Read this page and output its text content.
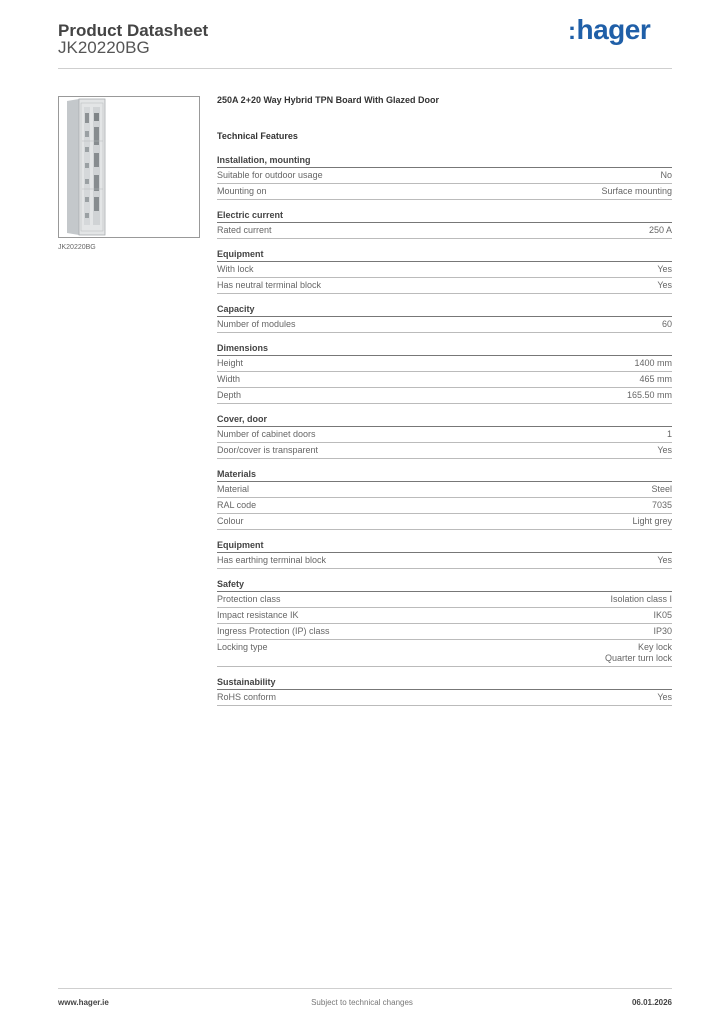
Product Datasheet
JK20220BG
:hager
JK20220BG
250A 2+20 Way Hybrid TPN Board With Glazed Door
Technical Features
Installation, mounting
Suitable for outdoor usage	No
Mounting on	Surface mounting
Electric current
Rated current	250 A
Equipment
With lock	Yes
Has neutral terminal block	Yes
Capacity
Number of modules	60
Dimensions
Height	1400 mm
Width	465 mm
Depth	165.50 mm
Cover, door
Number of cabinet doors	1
Door/cover is transparent	Yes
Materials
Material	Steel
RAL code	7035
Colour	Light grey
Equipment
Has earthing terminal block	Yes
Safety
Protection class	Isolation class I
Impact resistance IK	IK05
Ingress Protection (IP) class	IP30
Locking type	Key lock
Quarter turn lock
Sustainability
RoHS conform	Yes
www.hager.ie	Subject to technical changes	06.01.2026
